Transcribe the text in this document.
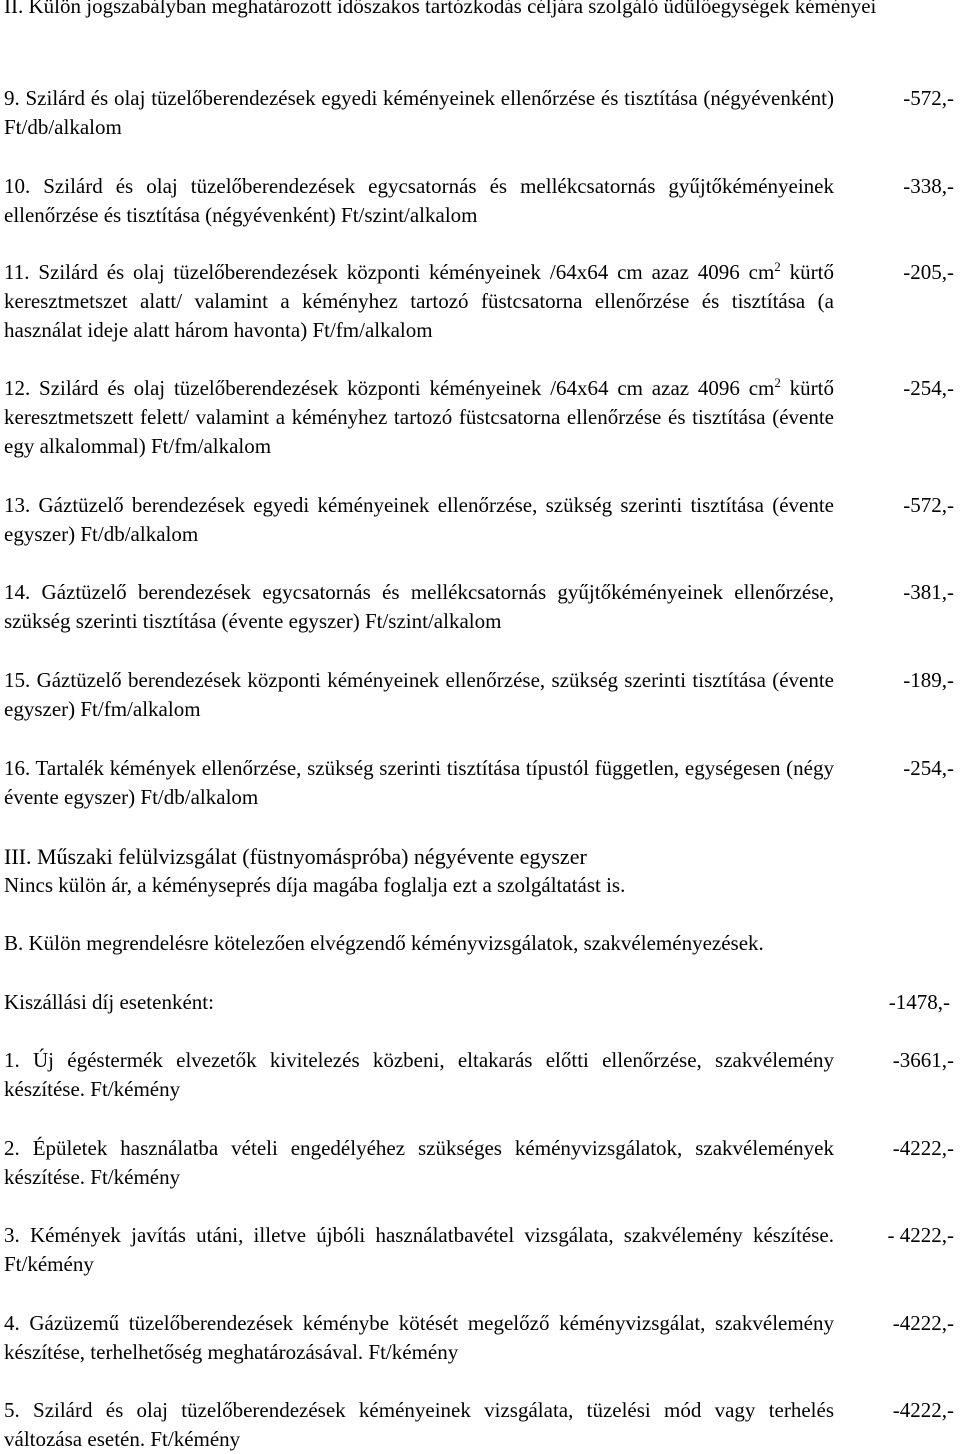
II. Külön jogszabályban meghatározott időszakos tartózkodás céljára szolgáló üdülőegységek kéményei
9. Szilárd és olaj tüzelőberendezések egyedi kéményeinek ellenőrzése és tisztítása (négyévenként) Ft/db/alkalom
-572,-
10. Szilárd és olaj tüzelőberendezések egycsatornás és mellékcsatornás gyűjtőkéményeinek ellenőrzése és tisztítása (négyévenként) Ft/szint/alkalom
-338,-
11. Szilárd és olaj tüzelőberendezések központi kéményeinek /64x64 cm azaz 4096 $cm^2$ kürtő keresztmetszet alatt/ valamint a kéményhez tartozó füstcsatorna ellenőrzése és tisztítása (a használat ideje alatt három havonta) Ft/fm/alkalom
-205,-
12. Szilárd és olaj tüzelőberendezések központi kéményeinek /64x64 cm azaz 4096 $cm^2$ kürtő keresztmetszett felett/ valamint a kéményhez tartozó füstcsatorna ellenőrzése és tisztítása (évente egy alkalommal) Ft/fm/alkalom
-254,-
13. Gáztüzelő berendezések egyedi kéményeinek ellenőrzése, szükség szerinti tisztítása (évente egyszer) Ft/db/alkalom
-572,-
14. Gáztüzelő berendezések egycsatornás és mellékcsatornás gyűjtőkéményeinek ellenőrzése, szükség szerinti tisztítása (évente egyszer) Ft/szint/alkalom
-381,-
15. Gáztüzelő berendezések központi kéményeinek ellenőrzése, szükség szerinti tisztítása (évente egyszer) Ft/fm/alkalom
-189,-
16. Tartalék kémények ellenőrzése, szükség szerinti tisztítása típustól független, egységesen (négy évente egyszer) Ft/db/alkalom
-254,-
III. Műszaki felülvizsgálat (füstnyomáspróba) négyévente egyszer
Nincs külön ár, a kéményseprés díja magába foglalja ezt a szolgáltatást is.
B. Külön megrendelésre kötelezően elvégzendő kéményvizsgálatok, szakvéleményezések.
Kiszállási díj esetenként:	-1478,-
1. Új égéstermék elvezetők kivitelezés közbeni, eltakarás előtti ellenőrzése, szakvélemény készítése. Ft/kémény
-3661,-
2. Épületek használatba vételi engedélyéhez szükséges kéményvizsgálatok, szakvélemények készítése. Ft/kémény
-4222,-
3. Kémények javítás utáni, illetve újbóli használatbavétel vizsgálata, szakvélemény készítése. Ft/kémény
- 4222,-
4. Gázüzemű tüzelőberendezések kéménybe kötését megelőző kéményvizsgálat, szakvélemény készítése, terhelhetőség meghatározásával. Ft/kémény
-4222,-
5. Szilárd és olaj tüzelőberendezések kéményeinek vizsgálata, tüzelési mód vagy terhelés változása esetén. Ft/kémény
-4222,-
